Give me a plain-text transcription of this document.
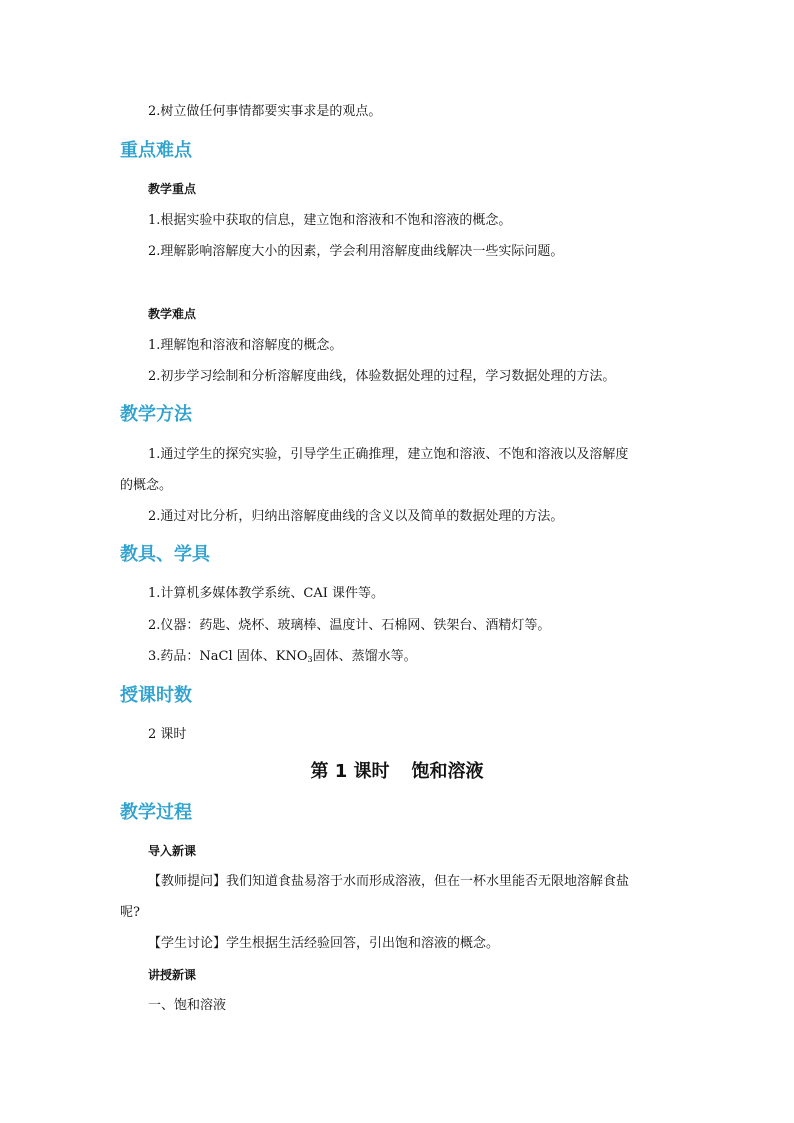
2.树立做任何事情都要实事求是的观点。
重点难点
教学重点
1.根据实验中获取的信息，建立饱和溶液和不饱和溶液的概念。
2.理解影响溶解度大小的因素，学会利用溶解度曲线解决一些实际问题。
教学难点
1.理解饱和溶液和溶解度的概念。
2.初步学习绘制和分析溶解度曲线，体验数据处理的过程，学习数据处理的方法。
教学方法
1.通过学生的探究实验，引导学生正确推理，建立饱和溶液、不饱和溶液以及溶解度
的概念。
2.通过对比分析，归纳出溶解度曲线的含义以及简单的数据处理的方法。
教具、学具
1.计算机多媒体教学系统、CAI 课件等。
2.仪器：药匙、烧杯、玻璃棒、温度计、石棉网、铁架台、酒精灯等。
3.药品：NaCl 固体、$KNO_3$固体、蒸馏水等。
授课时数
2 课时
第 1 课时 饱和溶液
教学过程
导入新课
【教师提问】我们知道食盐易溶于水而形成溶液，但在一杯水里能否无限地溶解食盐
呢?
【学生讨论】学生根据生活经验回答，引出饱和溶液的概念。
讲授新课
一、饱和溶液
